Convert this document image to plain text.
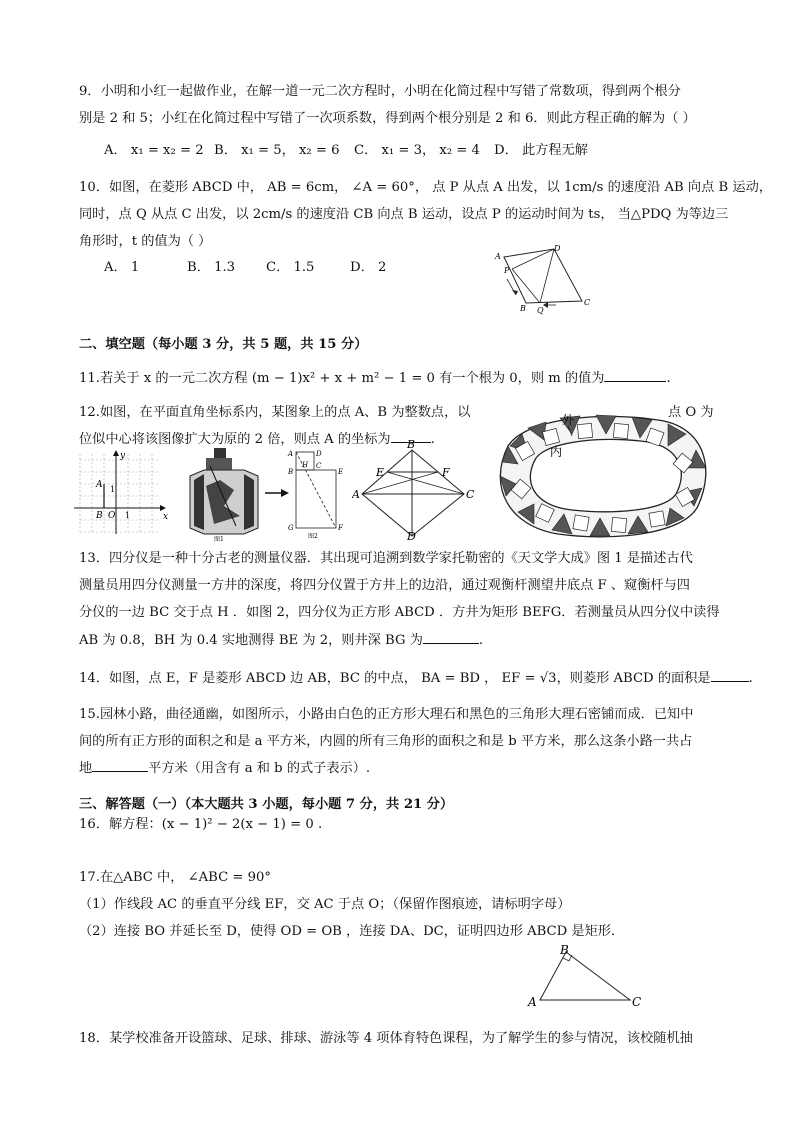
9．小明和小红一起做作业，在解一道一元二次方程时，小明在化简过程中写错了常数项，得到两个根分
别是 2 和 5；小红在化简过程中写错了一次项系数，得到两个根分别是 2 和 6．则此方程正确的解为（ ）
A． x₁ = x₂ = 2 B． x₁ = 5， x₂ = 6 C． x₁ = 3， x₂ = 4 D． 此方程无解
10．如图，在菱形 ABCD 中， AB = 6cm， ∠A = 60°， 点 P 从点 A 出发，以 1cm/s 的速度沿 AB 向点 B 运动，
同时，点 Q 从点 C 出发，以 2cm/s 的速度沿 CB 向点 B 运动，设点 P 的运动时间为 ts， 当△PDQ 为等边三
角形时，t 的值为（ ）
A． 1	B． 1.3 C． 1.5	D． 2
A
D
C
B
P
Q
二、填空题（每小题 3 分，共 5 题，共 15 分）
11.若关于 x 的一元二次方程 (m − 1)x² + x + m² − 1 = 0 有一个根为 0，则 m 的值为	.
12.如图，在平面直角坐标系内，某图象上的点 A、B 为整数点，以	点 O 为
位似中心将该图像扩大为原的 2 倍，则点 A 的坐标为	.
y
x
A 1
B O 1
图1
A	D
B
H C
E
G	F
图2
B
A	C
D
E	F
外
内
13．四分仪是一种十分古老的测量仪器．其出现可追溯到数学家托勒密的《天文学大成》图 1 是描述古代
测量员用四分仪测量一方井的深度，将四分仪置于方井上的边沿，通过观衡杆测望井底点 F 、窥衡杆与四
分仪的一边 BC 交于点 H ．如图 2，四分仪为正方形 ABCD ．方井为矩形 BEFG．若测量员从四分仪中读得
AB 为 0.8，BH 为 0.4 实地测得 BE 为 2，则井深 BG 为	.
14．如图，点 E，F 是菱形 ABCD 边 AB，BC 的中点， BA = BD ， EF = √3，则菱形 ABCD 的面积是	.
15.园林小路，曲径通幽，如图所示，小路由白色的正方形大理石和黑色的三角形大理石密铺而成．已知中
间的所有正方形的面积之和是 a 平方米，内圆的所有三角形的面积之和是 b 平方米，那么这条小路一共占
地	平方米（用含有 a 和 b 的式子表示）.
三、解答题（一）（本大题共 3 小题，每小题 7 分，共 21 分）
16．解方程：(x − 1)² − 2(x − 1) = 0 .
17.在△ABC 中， ∠ABC = 90°
（1）作线段 AC 的垂直平分线 EF，交 AC 于点 O；（保留作图痕迹，请标明字母）
（2）连接 BO 并延长至 D，使得 OD = OB ，连接 DA、DC，证明四边形 ABCD 是矩形．
A
B
C
18．某学校准备开设篮球、足球、排球、游泳等 4 项体育特色课程，为了解学生的参与情况，该校随机抽
